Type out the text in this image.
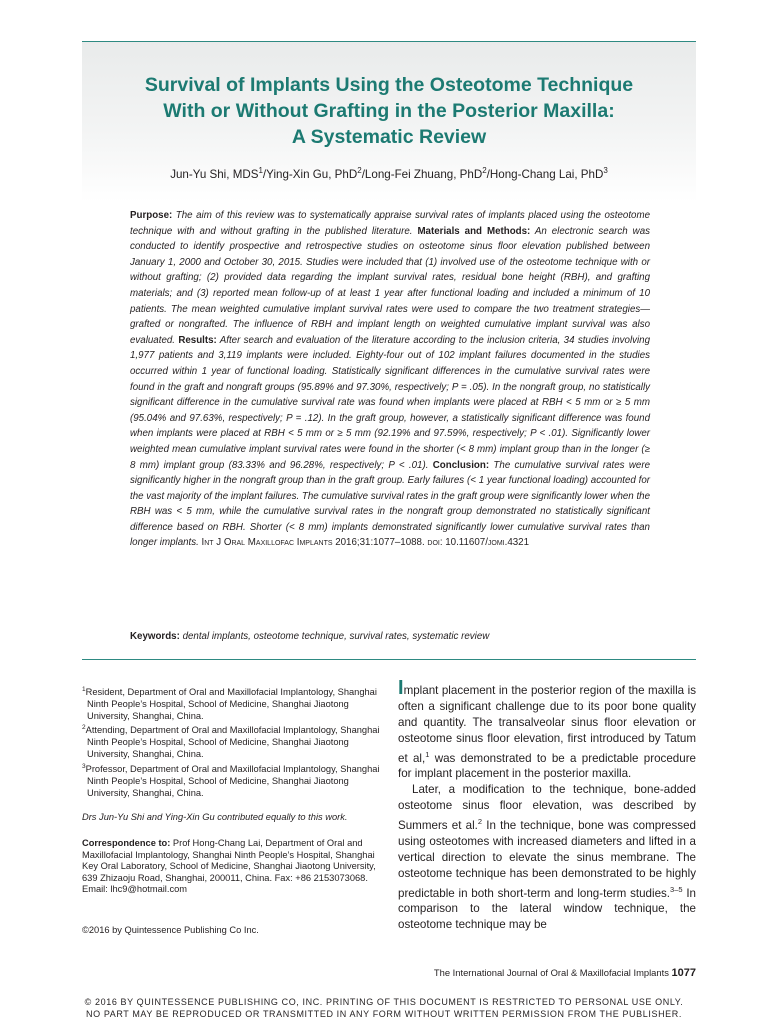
Survival of Implants Using the Osteotome Technique
With or Without Grafting in the Posterior Maxilla:
A Systematic Review
Jun-Yu Shi, MDS$^1$/Ying-Xin Gu, PhD$^2$/Long-Fei Zhuang, PhD$^2$/Hong-Chang Lai, PhD$^3$

Purpose: The aim of this review was to systematically appraise survival rates of implants placed using the osteotome technique with and without grafting in the published literature. Materials and Methods: An electronic search was conducted to identify prospective and retrospective studies on osteotome sinus floor elevation published between January 1, 2000 and October 30, 2015. Studies were included that (1) involved use of the osteotome technique with or without grafting; (2) provided data regarding the implant survival rates, residual bone height (RBH), and grafting materials; and (3) reported mean follow-up of at least 1 year after functional loading and included a minimum of 10 patients. The mean weighted cumulative implant survival rates were used to compare the two treatment strategies—grafted or nongrafted. The influence of RBH and implant length on weighted cumulative implant survival was also evaluated. Results: After search and evaluation of the literature according to the inclusion criteria, 34 studies involving 1,977 patients and 3,119 implants were included. Eighty-four out of 102 implant failures documented in the studies occurred within 1 year of functional loading. Statistically significant differences in the cumulative survival rates were found in the graft and nongraft groups (95.89% and 97.30%, respectively; P = .05). In the nongraft group, no statistically significant difference in the cumulative survival rate was found when implants were placed at RBH < 5 mm or ≥ 5 mm (95.04% and 97.63%, respectively; P = .12). In the graft group, however, a statistically significant difference was found when implants were placed at RBH < 5 mm or ≥ 5 mm (92.19% and 97.59%, respectively; P < .01). Significantly lower weighted mean cumulative implant survival rates were found in the shorter (< 8 mm) implant group than in the longer (≥ 8 mm) implant group (83.33% and 96.28%, respectively; P < .01). Conclusion: The cumulative survival rates were significantly higher in the nongraft group than in the graft group. Early failures (< 1 year functional loading) accounted for the vast majority of the implant failures. The cumulative survival rates in the graft group were significantly lower when the RBH was < 5 mm, while the cumulative survival rates in the nongraft group demonstrated no statistically significant difference based on RBH. Shorter (< 8 mm) implants demonstrated significantly lower cumulative survival rates than longer implants. Int J Oral Maxillofac Implants 2016;31:1077–1088. doi: 10.11607/jomi.4321

Keywords: dental implants, osteotome technique, survival rates, systematic review

$^1$Resident, Department of Oral and Maxillofacial Implantology, Shanghai Ninth People’s Hospital, School of Medicine, Shanghai Jiaotong University, Shanghai, China.

$^2$Attending, Department of Oral and Maxillofacial Implantology, Shanghai Ninth People’s Hospital, School of Medicine, Shanghai Jiaotong University, Shanghai, China.

$^3$Professor, Department of Oral and Maxillofacial Implantology, Shanghai Ninth People’s Hospital, School of Medicine, Shanghai Jiaotong University, Shanghai, China.

Drs Jun-Yu Shi and Ying-Xin Gu contributed equally to this work.

Correspondence to: Prof Hong-Chang Lai, Department of Oral and Maxillofacial Implantology, Shanghai Ninth People’s Hospital, Shanghai Key Oral Laboratory, School of Medicine, Shanghai Jiaotong University, 639 Zhizaoju Road, Shanghai, 200011, China. Fax: +86 2153073068. Email: lhc9@hotmail.com

©2016 by Quintessence Publishing Co Inc.

Implant placement in the posterior region of the maxilla is often a significant challenge due to its poor bone quality and quantity. The transalveolar sinus floor elevation or osteotome sinus floor elevation, first introduced by Tatum et al,$^1$ was demonstrated to be a predictable procedure for implant placement in the posterior maxilla.

Later, a modification to the technique, bone-added osteotome sinus floor elevation, was described by Summers et al.$^2$ In the technique, bone was compressed using osteotomes with increased diameters and lifted in a vertical direction to elevate the sinus membrane. The osteotome technique has been demonstrated to be highly predictable in both short-term and long-term studies.$^{3-5}$ In comparison to the lateral window technique, the osteotome technique may be

The International Journal of Oral & Maxillofacial Implants 1077
© 2016 BY QUINTESSENCE PUBLISHING CO, INC. PRINTING OF THIS DOCUMENT IS RESTRICTED TO PERSONAL USE ONLY.
NO PART MAY BE REPRODUCED OR TRANSMITTED IN ANY FORM WITHOUT WRITTEN PERMISSION FROM THE PUBLISHER.
